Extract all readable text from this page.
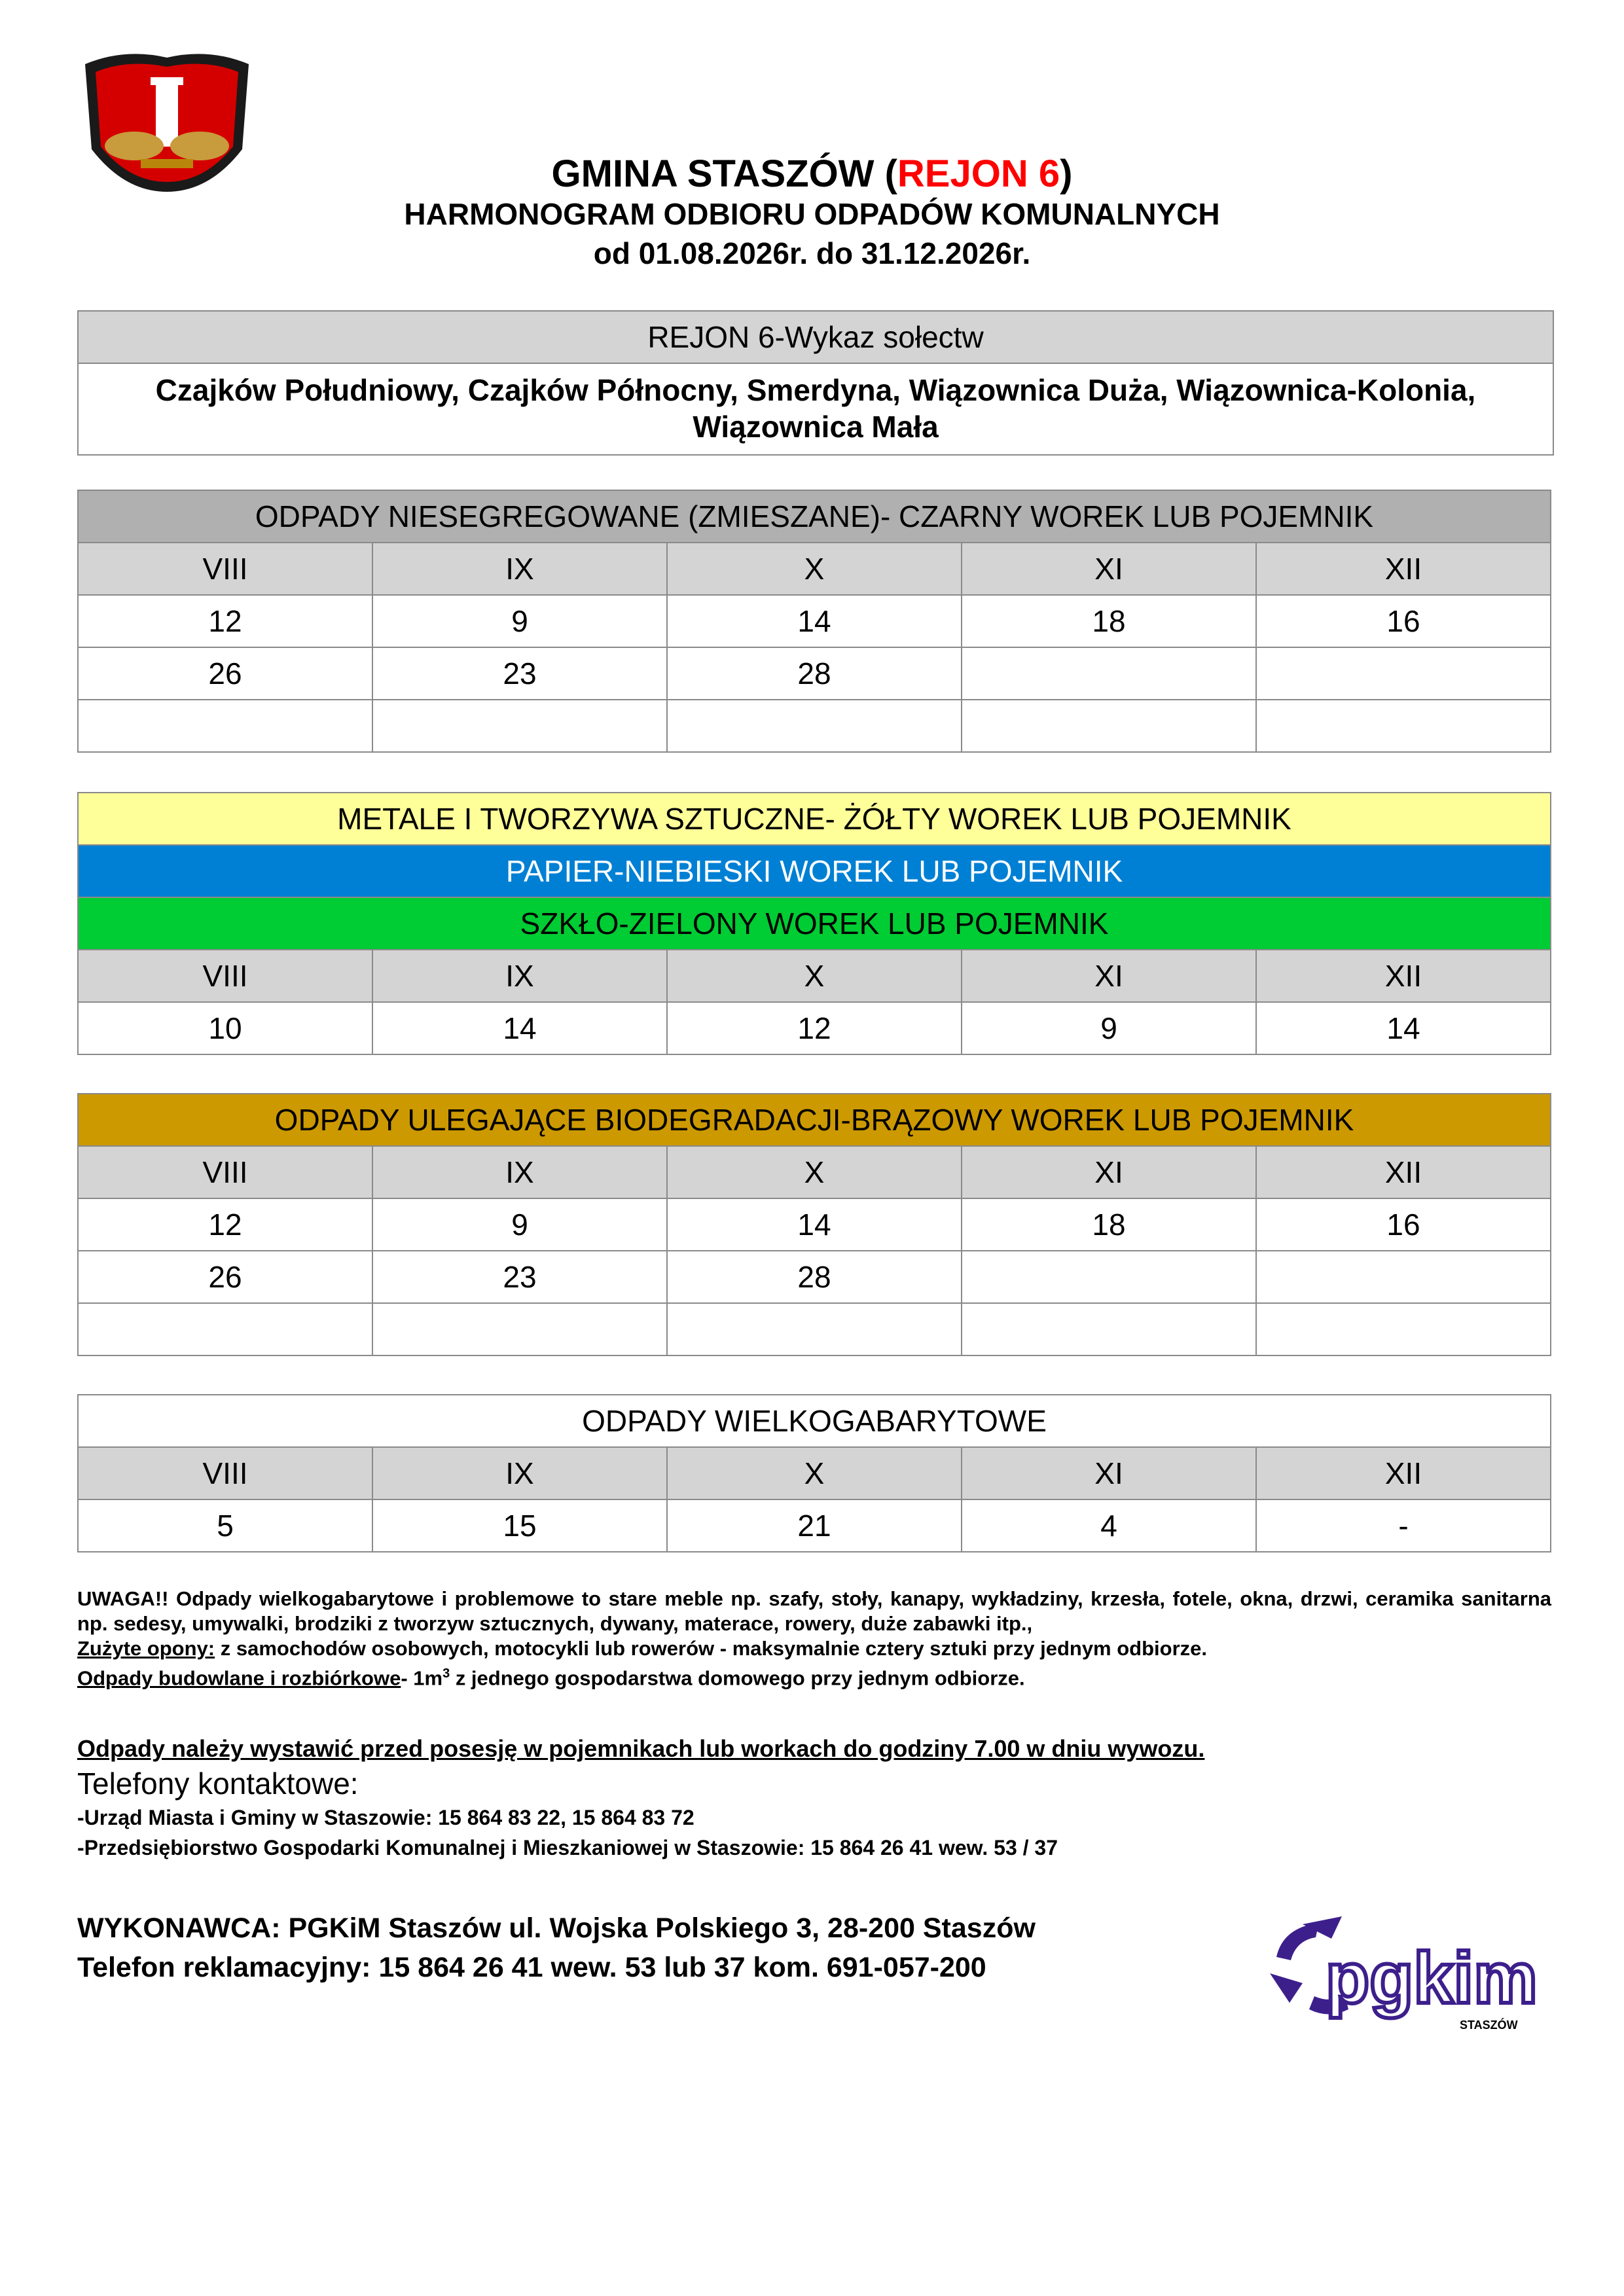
GMINA STASZÓW (REJON 6)
HARMONOGRAM ODBIORU ODPADÓW KOMUNALNYCH
od 01.08.2026r. do 31.12.2026r.
REJON 6-Wykaz sołectw
Czajków Południowy, Czajków Północny, Smerdyna, Wiązownica Duża, Wiązownica-Kolonia,
Wiązownica Mała
ODPADY NIESEGREGOWANE (ZMIESZANE)- CZARNY WOREK LUB POJEMNIK				
VIII	IX	X	XI	XII
12	9	14	18	16
26	23	28		

METALE I TWORZYWA SZTUCZNE- ŻÓŁTY WOREK LUB POJEMNIK				
PAPIER-NIEBIESKI WOREK LUB POJEMNIK				
SZKŁO-ZIELONY WOREK LUB POJEMNIK				
VIII	IX	X	XI	XII
10	14	12	9	14
ODPADY ULEGAJĄCE BIODEGRADACJI-BRĄZOWY WOREK LUB POJEMNIK				
VIII	IX	X	XI	XII
12	9	14	18	16
26	23	28		

ODPADY WIELKOGABARYTOWE				
VIII	IX	X	XI	XII
5	15	21	4	-
UWAGA!! Odpady wielkogabarytowe i problemowe to stare meble np. szafy, stoły, kanapy, wykładziny, krzesła, fotele, okna, drzwi, ceramika sanitarna np. sedesy, umywalki, brodziki z tworzyw sztucznych, dywany, materace, rowery, duże zabawki itp.,
Zużyte opony: z samochodów osobowych, motocykli lub rowerów - maksymalnie cztery sztuki przy jednym odbiorze.
Odpady budowlane i rozbiórkowe- $1m^3$ z jednego gospodarstwa domowego przy jednym odbiorze.
Odpady należy wystawić przed posesję w pojemnikach lub workach do godziny 7.00 w dniu wywozu.
Telefony kontaktowe:
-Urząd Miasta i Gminy w Staszowie: 15 864 83 22, 15 864 83 72
-Przedsiębiorstwo Gospodarki Komunalnej i Mieszkaniowej w Staszowie: 15 864 26 41 wew. 53 / 37
WYKONAWCA: PGKiM Staszów ul. Wojska Polskiego 3, 28-200 Staszów
Telefon reklamacyjny: 15 864 26 41 wew. 53 lub 37 kom. 691-057-200	pgkim
STASZÓW
